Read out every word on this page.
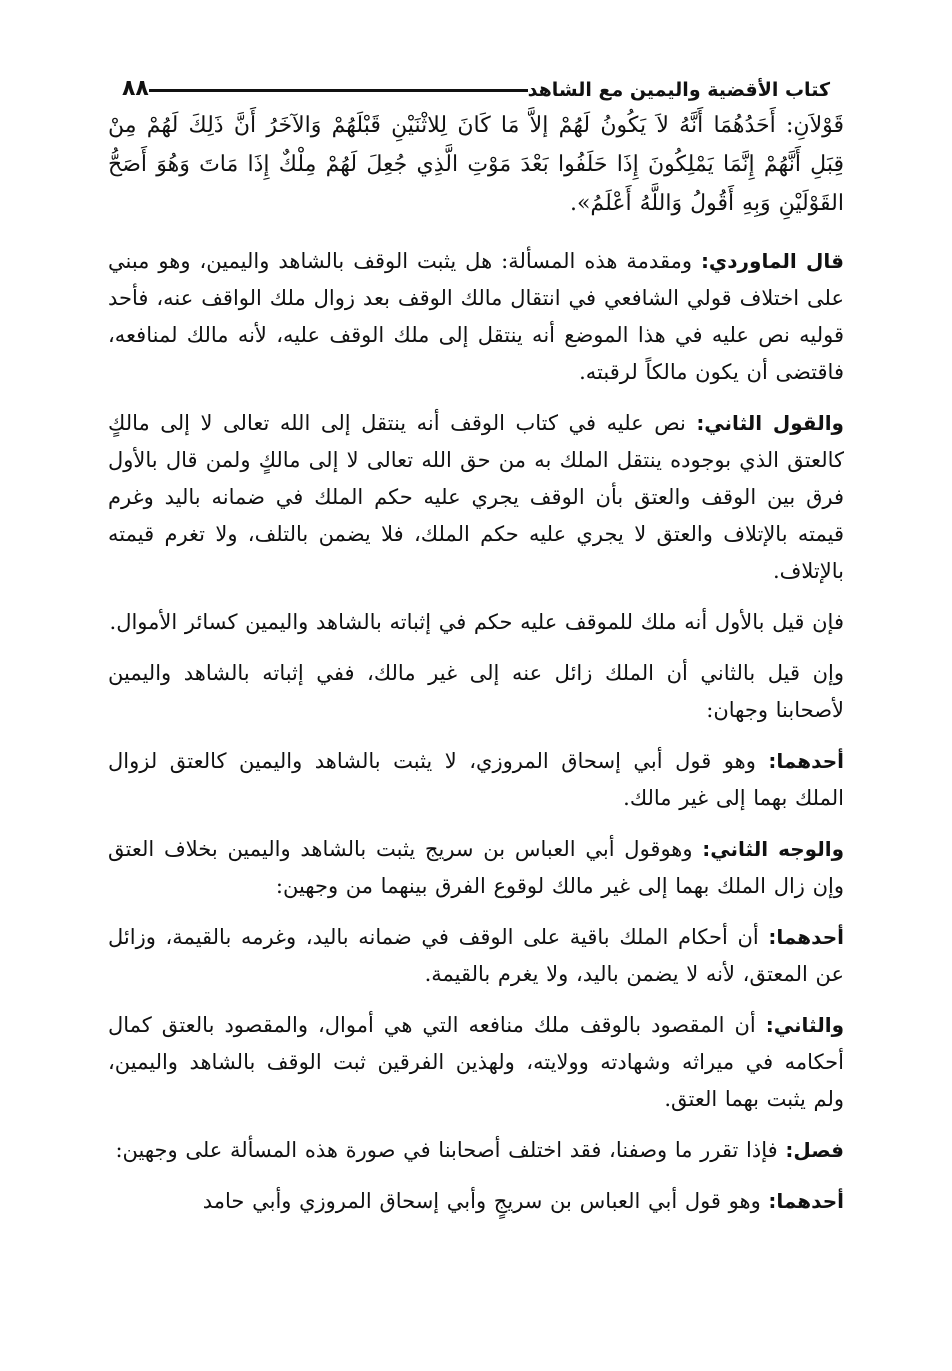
كتاب الأقضية واليمين مع الشاهد
٨٨

قَوْلاَنِ: أَحَدُهُمَا أَنَّهُ لاَ يَكُونُ لَهُمْ إلاَّ مَا كَانَ لِلاثْنَيْنِ قَبْلَهُمْ وَالآخَرُ أَنَّ ذَلِكَ لَهُمْ مِنْ قِبَلِ أَنَّهُمْ إِنَّمَا يَمْلِكُونَ إِذَا حَلَفُوا بَعْدَ مَوْتِ الَّذِي جُعِلَ لَهُمْ مِلْكٌ إِذَا مَاتَ وَهُوَ أَصَحُّ القَوْلَيْنِ وَبِهِ أَقُولُ وَاللَّهُ أَعْلَمُ».

قال الماوردي: ومقدمة هذه المسألة: هل يثبت الوقف بالشاهد واليمين، وهو مبني على اختلاف قولي الشافعي في انتقال مالك الوقف بعد زوال ملك الواقف عنه، فأحد قوليه نص عليه في هذا الموضع أنه ينتقل إلى ملك الوقف عليه، لأنه مالك لمنافعه، فاقتضى أن يكون مالكاً لرقبته.

والقول الثاني: نص عليه في كتاب الوقف أنه ينتقل إلى الله تعالى لا إلى مالكٍ كالعتق الذي بوجوده ينتقل الملك به من حق الله تعالى لا إلى مالكٍ ولمن قال بالأول فرق بين الوقف والعتق بأن الوقف يجري عليه حكم الملك في ضمانه باليد وغرم قيمته بالإتلاف والعتق لا يجري عليه حكم الملك، فلا يضمن بالتلف، ولا تغرم قيمته بالإتلاف.

فإن قيل بالأول أنه ملك للموقف عليه حكم في إثباته بالشاهد واليمين كسائر الأموال.

وإن قيل بالثاني أن الملك زائل عنه إلى غير مالك، ففي إثباته بالشاهد واليمين لأصحابنا وجهان:

أحدهما: وهو قول أبي إسحاق المروزي، لا يثبت بالشاهد واليمين كالعتق لزوال الملك بهما إلى غير مالك.

والوجه الثاني: وهوقول أبي العباس بن سريج يثبت بالشاهد واليمين بخلاف العتق وإن زال الملك بهما إلى غير مالك لوقوع الفرق بينهما من وجهين:

أحدهما: أن أحكام الملك باقية على الوقف في ضمانه باليد، وغرمه بالقيمة، وزائل عن المعتق، لأنه لا يضمن باليد، ولا يغرم بالقيمة.

والثاني: أن المقصود بالوقف ملك منافعه التي هي أموال، والمقصود بالعتق كمال أحكامه في ميراثه وشهادته وولايته، ولهذين الفرقين ثبت الوقف بالشاهد واليمين، ولم يثبت بهما العتق.

فصل: فإذا تقرر ما وصفنا، فقد اختلف أصحابنا في صورة هذه المسألة على وجهين:

أحدهما: وهو قول أبي العباس بن سريجٍ وأبي إسحاق المروزي وأبي حامد
